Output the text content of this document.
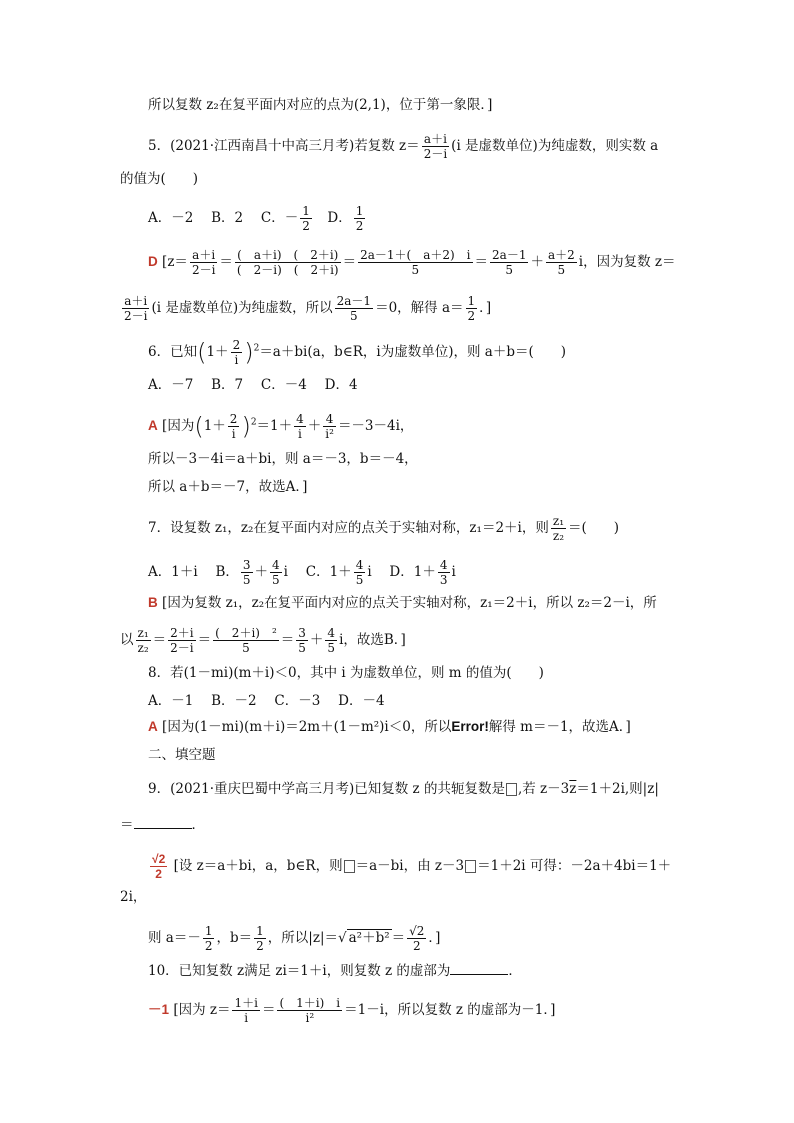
所以复数 z₂在复平面内对应的点为(2,1)，位于第一象限．]
5．(2021·江西南昌十中高三月考)若复数 $z= \frac{a+i}{2-i} (i$ 是虚数单位)为纯虚数，则实数 a
的值为(　　)
A．－2　 B．2　 C．－ $\frac{1}{2}$ 　D． $\frac{1}{2}$
D [$z= \frac{a+i}{2-i} = \frac{( a+i) ( 2+i)}{( 2-i) ( 2+i)} = \frac{2a-1+( a+2) i}{5} = \frac{2a-1}{5} + \frac{a+2}{5}$ i，因为复数 z＝
$\frac{a+i}{2-i} (i$ 是虚数单位)为纯虚数，所以 $\frac{2a-1}{5} =0$，解得 $a= \frac{1}{2}$ ．]
6．已知$(1+ \frac{2}{i} )^2=a+bi(a$，b∈R，i为虚数单位)，则 a＋b＝(　　)
A．－7　 B．7　 C．－4　 D．4
A [因为$(1+ \frac{2}{i} )^2=1+ \frac{4}{i} + \frac{4}{\text{i²}} =-3-4i$，
所以－3－4i＝a＋bi，则 a＝－3，b＝－4，
所以 a＋b＝－7，故选A．]
7．设复数 z₁，z₂在复平面内对应的点关于实轴对称，z₁＝2＋i，则 $\frac{\text{z₁}}{\text{z₂}}$ ＝(　　)
A．1＋i　 B． $\frac{3}{5} + \frac{4}{5}$ i　 C．$1+ \frac{4}{5}$ i　 D．$1+ \frac{4}{3}$ i
B [因为复数 z₁，z₂在复平面内对应的点关于实轴对称，z₁＝2＋i，所以 z₂＝2－i，所
以 $\frac{\text{z₁}}{\text{z₂}} = \frac{2+i}{2-i} = \frac{\text{(　2＋i)　²}}{5} = \frac{3}{5} + \frac{4}{5}$ i，故选B．]
8．若(1－mi)(m＋i)＜0，其中 i 为虚数单位，则 m 的值为(　　)
A．－1　 B．－2　 C．－3　 D．－4
A [因为(1－mi)(m＋i)＝2m＋(1－m²)i＜0，所以Error!解得 m＝－1，故选A．]
二、填空题
9．(2021·重庆巴蜀中学高三月考)已知复数 z 的共轭复数是 ,若 $z-3\overline{z}=1+2i$,则|z|
＝	．
$\frac{√2}{2}$ [设 z＝a＋bi，a，b∈R，则 ＝a－bi，由 z－3 ＝1＋2i 可得：－2a＋4bi＝1＋
2i，
则 $a=- \frac{1}{2}$ ，$b= \frac{1}{2}$ ，所以|z|＝√ $a^2+b^2 = \frac{√2}{2}$ ．]
10．已知复数 z满足 zi＝1＋i，则复数 z 的虚部为	．
－1 [因为 $z= \frac{1+i}{i} = \frac{( 1+i) i}{\text{i²}} =1-i$，所以复数 z 的虚部为－1．]
